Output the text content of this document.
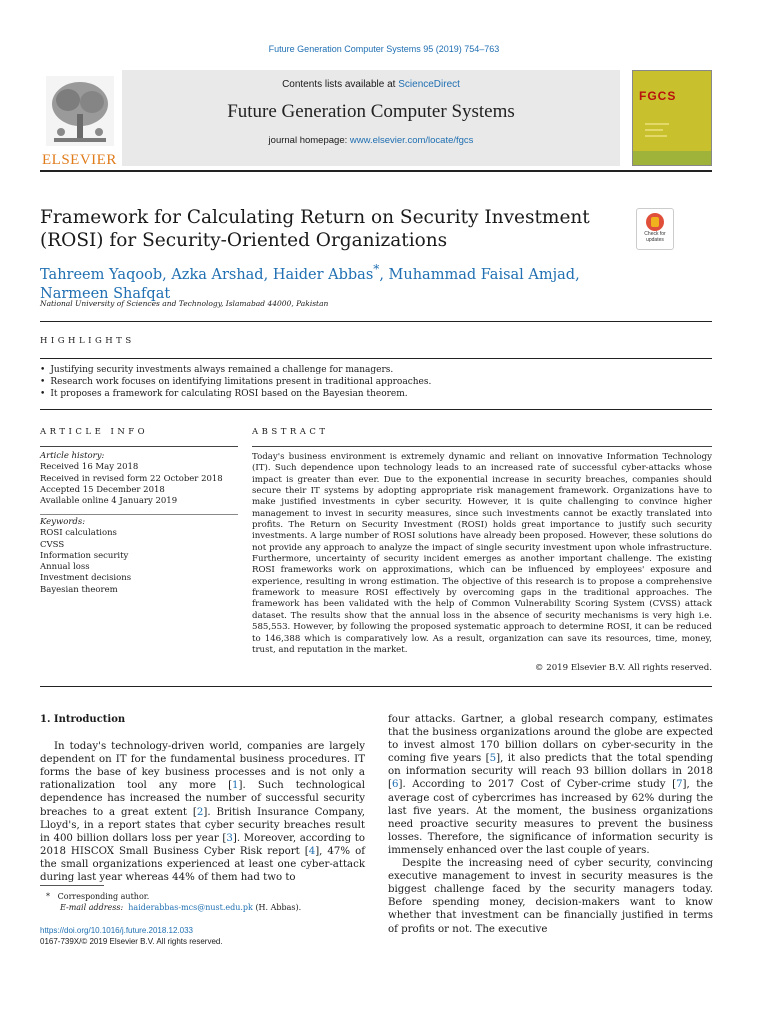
Future Generation Computer Systems 95 (2019) 754–763
ELSEVIER
Contents lists available at ScienceDirect
Future Generation Computer Systems
journal homepage: www.elsevier.com/locate/fgcs
FGCS
Framework for Calculating Return on Security Investment (ROSI) for Security-Oriented Organizations	Check for
updates
Tahreem Yaqoob, Azka Arshad, Haider Abbas*, Muhammad Faisal Amjad,
Narmeen Shafqat
National University of Sciences and Technology, Islamabad 44000, Pakistan
HIGHLIGHTS
• Justifying security investments always remained a challenge for managers.
• Research work focuses on identifying limitations present in traditional approaches.
• It proposes a framework for calculating ROSI based on the Bayesian theorem.
ARTICLE INFO	ABSTRACT
Article history:
Received 16 May 2018
Received in revised form 22 October 2018
Accepted 15 December 2018
Available online 4 January 2019
Keywords:
ROSI calculations
CVSS
Information security
Annual loss
Investment decisions
Bayesian theorem

Today's business environment is extremely dynamic and reliant on innovative Information Technology (IT). Such dependence upon technology leads to an increased rate of successful cyber-attacks whose impact is greater than ever. Due to the exponential increase in security breaches, companies should secure their IT systems by adopting appropriate risk management framework. Organizations have to make justified investments in cyber security. However, it is quite challenging to convince higher management to invest in security measures, since such investments cannot be exactly translated into profits. The Return on Security Investment (ROSI) holds great importance to justify such security investments. A large number of ROSI solutions have already been proposed. However, these solutions do not provide any approach to analyze the impact of single security investment upon whole infrastructure. Furthermore, uncertainty of security incident emerges as another important challenge. The existing ROSI frameworks work on approximations, which can be influenced by employees' exposure and experience, resulting in wrong estimation. The objective of this research is to propose a comprehensive framework to measure ROSI effectively by overcoming gaps in the traditional approaches. The framework has been validated with the help of Common Vulnerability Scoring System (CVSS) attack dataset. The results show that the annual loss in the absence of security mechanisms is very high i.e. 585,553. However, by following the proposed systematic approach to determine ROSI, it can be reduced to 146,388 which is comparatively low. As a result, organization can save its resources, time, money, trust, and reputation in the market.

© 2019 Elsevier B.V. All rights reserved.

1. Introduction

In today's technology-driven world, companies are largely dependent on IT for the fundamental business procedures. IT forms the base of key business processes and is not only a rationalization tool any more [1]. Such technological dependence has increased the number of successful security breaches to a great extent [2]. British Insurance Company, Lloyd's, in a report states that cyber security breaches result in 400 billion dollars loss per year [3]. Moreover, according to 2018 HISCOX Small Business Cyber Risk report [4], 47% of the small organizations experienced at least one cyber-attack during last year whereas 44% of them had two to

four attacks. Gartner, a global research company, estimates that the business organizations around the globe are expected to invest almost 170 billion dollars on cyber-security in the coming five years [5], it also predicts that the total spending on information security will reach 93 billion dollars in 2018 [6]. According to 2017 Cost of Cyber-crime study [7], the average cost of cybercrimes has increased by 62% during the last five years. At the moment, the business organizations need proactive security measures to prevent the business losses. Therefore, the significance of information security is immensely enhanced over the last couple of years.

Despite the increasing need of cyber security, convincing executive management to invest in security measures is the biggest challenge faced by the security managers today. Before spending money, decision-makers want to know whether that investment can be financially justified in terms of profits or not. The executive

* Corresponding author.
E-mail address: haiderabbas-mcs@nust.edu.pk (H. Abbas).
https://doi.org/10.1016/j.future.2018.12.033
0167-739X/© 2019 Elsevier B.V. All rights reserved.
